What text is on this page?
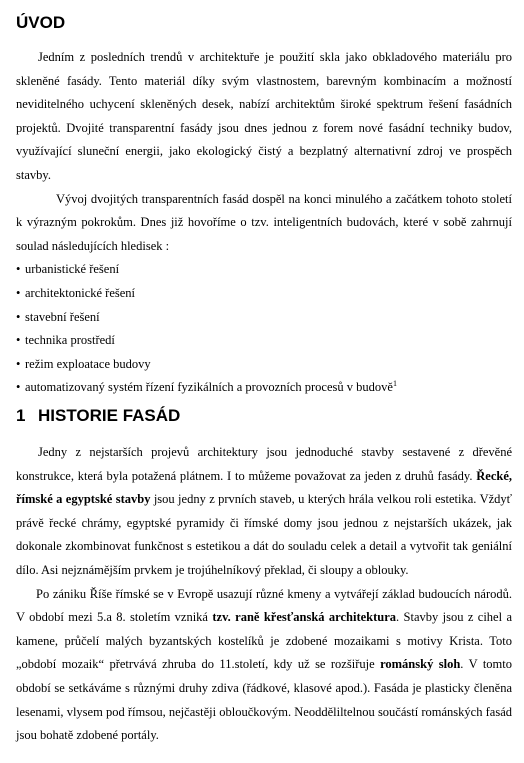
ÚVOD

Jedním z posledních trendů v architektuře je použití skla jako obkladového materiálu pro skleněné fasády. Tento materiál díky svým vlastnostem, barevným kombinacím a možností neviditelného uchycení skleněných desek, nabízí architektům široké spektrum řešení fasádních projektů. Dvojité transparentní fasády jsou dnes jednou z forem nové fasádní techniky budov, využívající sluneční energii, jako ekologický čistý a bezplatný alternativní zdroj ve prospěch stavby.

Vývoj dvojitých transparentních fasád dospěl na konci minulého a začátkem tohoto století k výrazným pokrokům. Dnes již hovoříme o tzv. inteligentních budovách, které v sobě zahrnují soulad následujících hledisek :

• urbanistické řešení
• architektonické řešení
• stavební řešení
• technika prostředí
• režim exploatace budovy
• automatizovaný systém řízení fyzikálních a provozních procesů v budově$^1$
1 HISTORIE FASÁD

Jedny z nejstarších projevů architektury jsou jednoduché stavby sestavené z dřevěné konstrukce, která byla potažená plátnem. I to můžeme považovat za jeden z druhů fasády. Řecké, římské a egyptské stavby jsou jedny z prvních staveb, u kterých hrála velkou roli estetika. Vždyť právě řecké chrámy, egyptské pyramidy či římské domy jsou jednou z nejstarších ukázek, jak dokonale zkombinovat funkčnost s estetikou a dát do souladu celek a detail a vytvořit tak geniální dílo. Asi nejznámějším prvkem je trojúhelníkový překlad, či sloupy a oblouky.

Po zániku Říše římské se v Evropě usazují různé kmeny a vytvářejí základ budoucích národů. V období mezi 5.a 8. stoletím vzniká tzv. raně křesťanská architektura. Stavby jsou z cihel a kamene, průčelí malých byzantských kostelíků je zdobené mozaikami s motivy Krista. Toto „období mozaik“ přetrvává zhruba do 11.století, kdy už se rozšiřuje románský sloh. V tomto období se setkáváme s různými druhy zdiva (řádkové, klasové apod.). Fasáda je plasticky členěna lesenami, vlysem pod římsou, nejčastěji obloučkovým. Neodděliltelnou součástí románských fasád jsou bohatě zdobené portály.
